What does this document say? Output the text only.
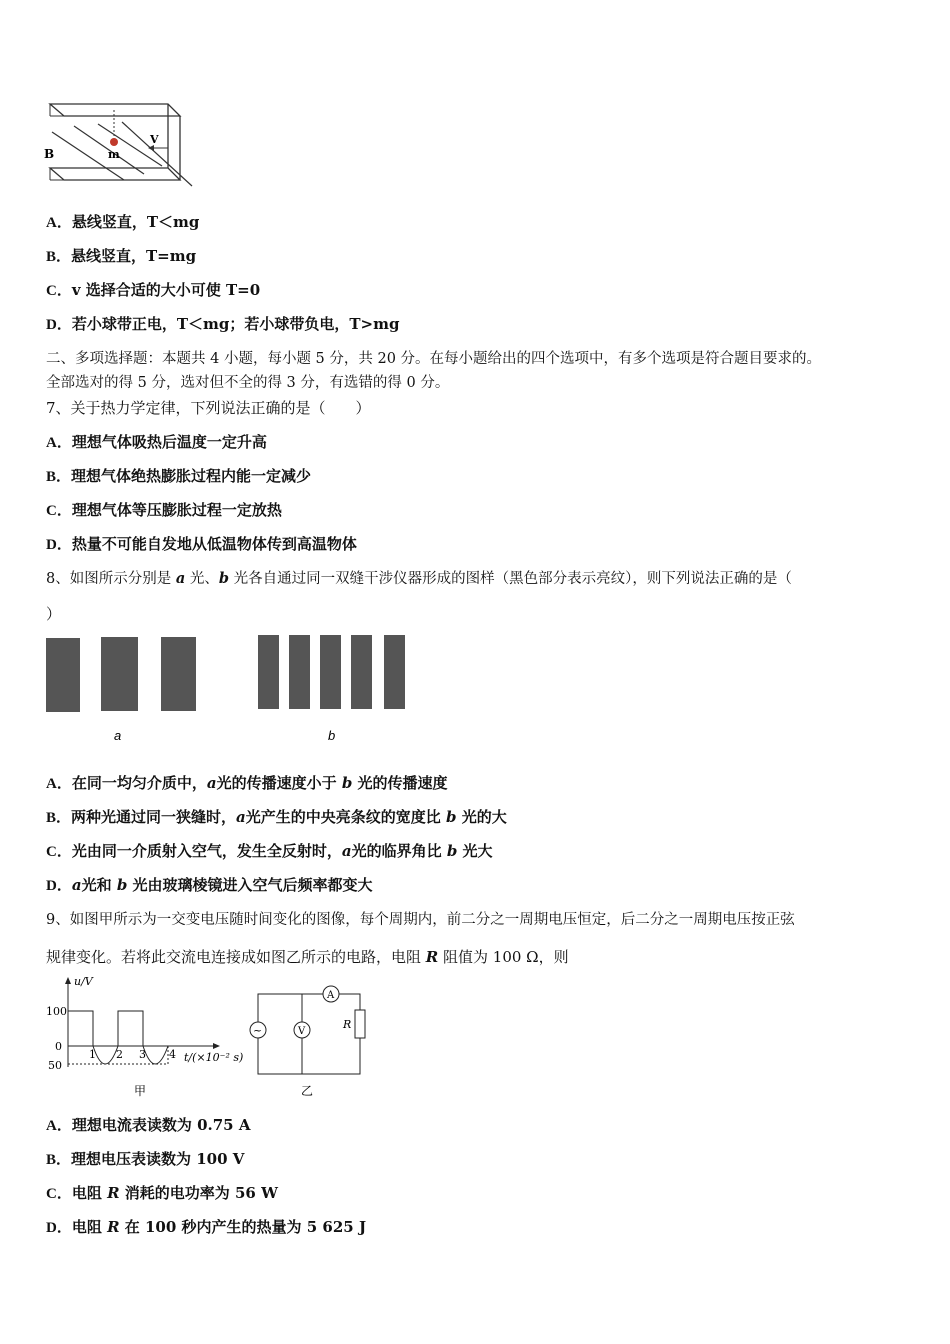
B	m
V
A．悬线竖直，T＜mg
B．悬线竖直，T=mg
C．v 选择合适的大小可使 T=0
D．若小球带正电，T＜mg；若小球带负电，T>mg
二、多项选择题：本题共 4 小题，每小题 5 分，共 20 分。在每小题给出的四个选项中，有多个选项是符合题目要求的。
全部选对的得 5 分，选对但不全的得 3 分，有选错的得 0 分。
7、关于热力学定律，下列说法正确的是（　　）
A．理想气体吸热后温度一定升高
B．理想气体绝热膨胀过程内能一定减少
C．理想气体等压膨胀过程一定放热
D．热量不可能自发地从低温物体传到高温物体
8、如图所示分别是 a 光、b 光各自通过同一双缝干涉仪器形成的图样（黑色部分表示亮纹），则下列说法正确的是（
）
a	b
A．在同一均匀介质中，a光的传播速度小于 b 光的传播速度
B．两种光通过同一狭缝时，a光产生的中央亮条纹的宽度比 b 光的大
C．光由同一介质射入空气，发生全反射时，a光的临界角比 b 光大
D．a光和 b 光由玻璃棱镜进入空气后频率都变大
9、如图甲所示为一交变电压随时间变化的图像，每个周期内，前二分之一周期电压恒定，后二分之一周期电压按正弦
规律变化。若将此交流电连接成如图乙所示的电路，电阻 R 阻值为 100 Ω，则
u/V
100
0
50
1 2 3 4 t/(×10⁻² s)
甲
~	V
A
R
乙
A．理想电流表读数为 0.75 A
B．理想电压表读数为 100 V
C．电阻 R 消耗的电功率为 56 W
D．电阻 R 在 100 秒内产生的热量为 5 625 J
